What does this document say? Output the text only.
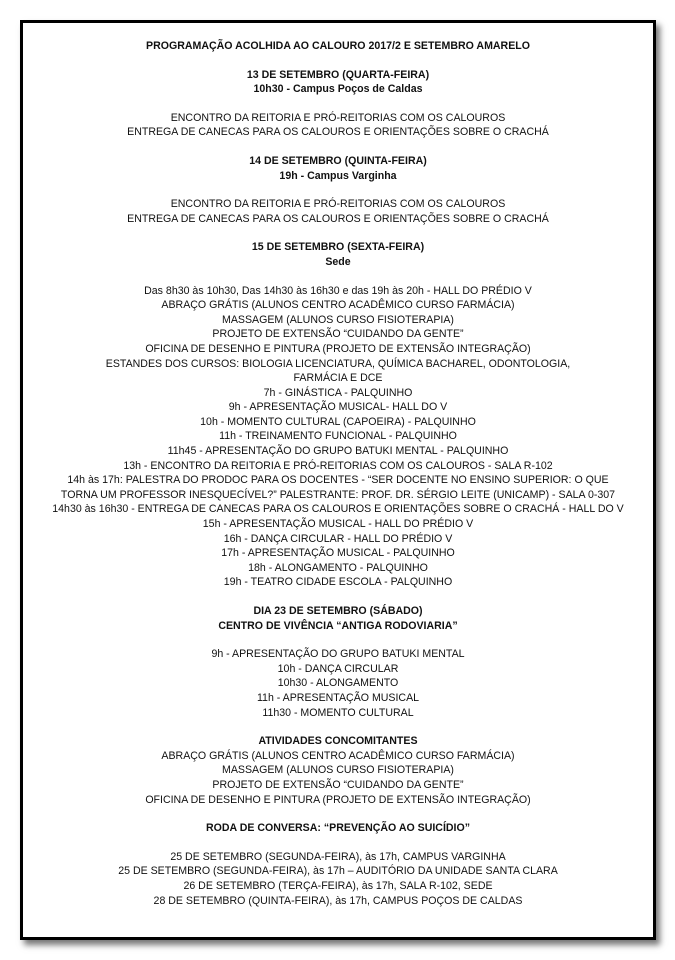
PROGRAMAÇÃO ACOLHIDA AO CALOURO 2017/2 E SETEMBRO AMARELO
13 DE SETEMBRO (QUARTA-FEIRA)
10h30 - Campus Poços de Caldas
ENCONTRO DA REITORIA E PRÓ-REITORIAS COM OS CALOUROS
ENTREGA DE CANECAS PARA OS CALOUROS E ORIENTAÇÕES SOBRE O CRACHÁ
14 DE SETEMBRO (QUINTA-FEIRA)
19h - Campus Varginha
ENCONTRO DA REITORIA E PRÓ-REITORIAS COM OS CALOUROS
ENTREGA DE CANECAS PARA OS CALOUROS E ORIENTAÇÕES SOBRE O CRACHÁ
15 DE SETEMBRO (SEXTA-FEIRA)
Sede
Das 8h30 às 10h30, Das 14h30 às 16h30 e das 19h às 20h - HALL DO PRÉDIO V
ABRAÇO GRÁTIS (ALUNOS CENTRO ACADÊMICO CURSO FARMÁCIA)
MASSAGEM (ALUNOS CURSO FISIOTERAPIA)
PROJETO DE EXTENSÃO “CUIDANDO DA GENTE”
OFICINA DE DESENHO E PINTURA (PROJETO DE EXTENSÃO INTEGRAÇÃO)
ESTANDES DOS CURSOS: BIOLOGIA LICENCIATURA, QUÍMICA BACHAREL, ODONTOLOGIA,
FARMÁCIA E DCE
7h - GINÁSTICA - PALQUINHO
9h - APRESENTAÇÃO MUSICAL- HALL DO V
10h - MOMENTO CULTURAL (CAPOEIRA) - PALQUINHO
11h - TREINAMENTO FUNCIONAL - PALQUINHO
11h45 - APRESENTAÇÃO DO GRUPO BATUKI MENTAL - PALQUINHO
13h - ENCONTRO DA REITORIA E PRÓ-REITORIAS COM OS CALOUROS - SALA R-102
14h às 17h: PALESTRA DO PRODOC PARA OS DOCENTES - “SER DOCENTE NO ENSINO SUPERIOR: O QUE
TORNA UM PROFESSOR INESQUECÍVEL?” PALESTRANTE: PROF. DR. SÉRGIO LEITE (UNICAMP) - SALA 0-307
14h30 às 16h30 - ENTREGA DE CANECAS PARA OS CALOUROS E ORIENTAÇÕES SOBRE O CRACHÁ - HALL DO V
15h - APRESENTAÇÃO MUSICAL - HALL DO PRÉDIO V
16h - DANÇA CIRCULAR - HALL DO PRÉDIO V
17h - APRESENTAÇÃO MUSICAL - PALQUINHO
18h - ALONGAMENTO - PALQUINHO
19h - TEATRO CIDADE ESCOLA - PALQUINHO
DIA 23 DE SETEMBRO (SÁBADO)
CENTRO DE VIVÊNCIA “ANTIGA RODOVIARIA”
9h - APRESENTAÇÃO DO GRUPO BATUKI MENTAL
10h - DANÇA CIRCULAR
10h30 - ALONGAMENTO
11h - APRESENTAÇÃO MUSICAL
11h30 - MOMENTO CULTURAL
ATIVIDADES CONCOMITANTES
ABRAÇO GRÁTIS (ALUNOS CENTRO ACADÊMICO CURSO FARMÁCIA)
MASSAGEM (ALUNOS CURSO FISIOTERAPIA)
PROJETO DE EXTENSÃO “CUIDANDO DA GENTE”
OFICINA DE DESENHO E PINTURA (PROJETO DE EXTENSÃO INTEGRAÇÃO)
RODA DE CONVERSA: “PREVENÇÃO AO SUICÍDIO”
25 DE SETEMBRO (SEGUNDA-FEIRA), às 17h, CAMPUS VARGINHA
25 DE SETEMBRO (SEGUNDA-FEIRA), às 17h – AUDITÓRIO DA UNIDADE SANTA CLARA
26 DE SETEMBRO (TERÇA-FEIRA), às 17h, SALA R-102, SEDE
28 DE SETEMBRO (QUINTA-FEIRA), às 17h, CAMPUS POÇOS DE CALDAS
